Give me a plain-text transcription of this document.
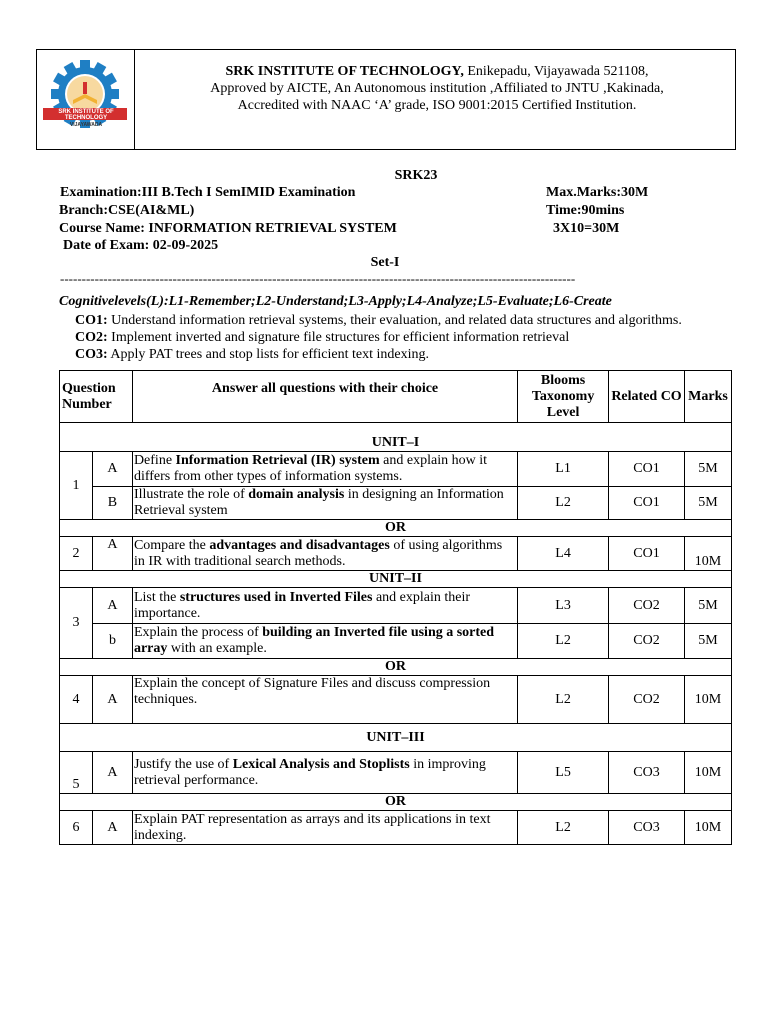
SRK INSTITUTE OF TECHNOLOGY
VIJAYAWADA
SRK INSTITUTE OF TECHNOLOGY, Enikepadu, Vijayawada 521108,
Approved by AICTE, An Autonomous institution ,Affiliated to JNTU ,Kakinada,
Accredited with NAAC ‘A’ grade, ISO 9001:2015 Certified Institution.
SRK23
Examination:III B.Tech I SemIMID Examination	Max.Marks:30M
Branch:CSE(AI&ML)	Time:90mins
Course Name: INFORMATION RETRIEVAL SYSTEM	3X10=30M
Date of Exam: 02-09-2025
Set-I
-----------------------------------------------------------------------------------------------------------------------
Cognitivelevels(L):L1-Remember;L2-Understand;L3-Apply;L4-Analyze;L5-Evaluate;L6-Create
CO1: Understand information retrieval systems, their evaluation, and related data structures and algorithms.
CO2: Implement inverted and signature file structures for efficient information retrieval
CO3: Apply PAT trees and stop lists for efficient text indexing.
Question Number		Answer all questions with their choice	Blooms Taxonomy Level	Related CO	Marks
UNIT–I					
1	A	Define Information Retrieval (IR) system and explain how it differs from other types of information systems.	L1	CO1	5M
	B	Illustrate the role of domain analysis in designing an Information Retrieval system	L2	CO1	5M
OR					
2	A	Compare the advantages and disadvantages of using algorithms in IR with traditional search methods.	L4	CO1	10M
UNIT–II					
3	A	List the structures used in Inverted Files and explain their importance.	L3	CO2	5M
	b	Explain the process of building an Inverted file using a sorted array with an example.	L2	CO2	5M
OR					
4	A	Explain the concept of Signature Files and discuss compression techniques.	L2	CO2	10M
UNIT–III					
5	A	Justify the use of Lexical Analysis and Stoplists in improving retrieval performance.	L5	CO3	10M
OR					
6	A	Explain PAT representation as arrays and its applications in text indexing.	L2	CO3	10M
